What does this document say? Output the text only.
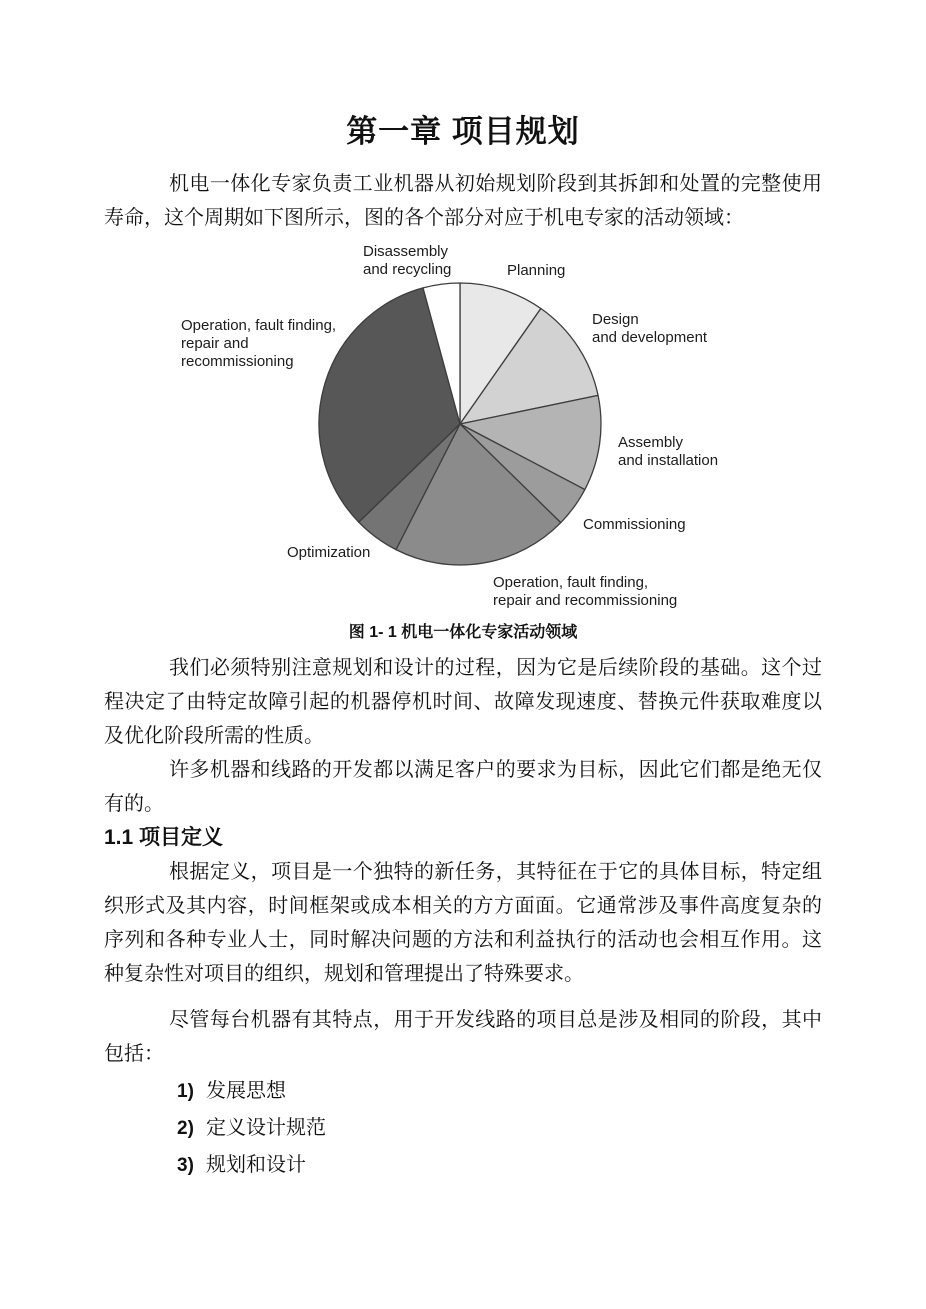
第一章 项目规划

机电一体化专家负责工业机器从初始规划阶段到其拆卸和处置的完整使用寿命，这个周期如下图所示，图的各个部分对应于机电专家的活动领域：

Disassembly
and recycling	Planning
Design
and development
Assembly
and installation
Commissioning
Operation, fault finding,
repair and recommissioning
Optimization
Operation, fault finding,
repair and
recommissioning
图 1- 1 机电一体化专家活动领域

我们必须特别注意规划和设计的过程，因为它是后续阶段的基础。这个过程决定了由特定故障引起的机器停机时间、故障发现速度、替换元件获取难度以及优化阶段所需的性质。

许多机器和线路的开发都以满足客户的要求为目标，因此它们都是绝无仅有的。

1.1 项目定义

根据定义，项目是一个独特的新任务，其特征在于它的具体目标，特定组织形式及其内容，时间框架或成本相关的方方面面。它通常涉及事件高度复杂的序列和各种专业人士，同时解决问题的方法和利益执行的活动也会相互作用。这种复杂性对项目的组织，规划和管理提出了特殊要求。

尽管每台机器有其特点，用于开发线路的项目总是涉及相同的阶段，其中包括：

1) 发展思想
2) 定义设计规范
3) 规划和设计
